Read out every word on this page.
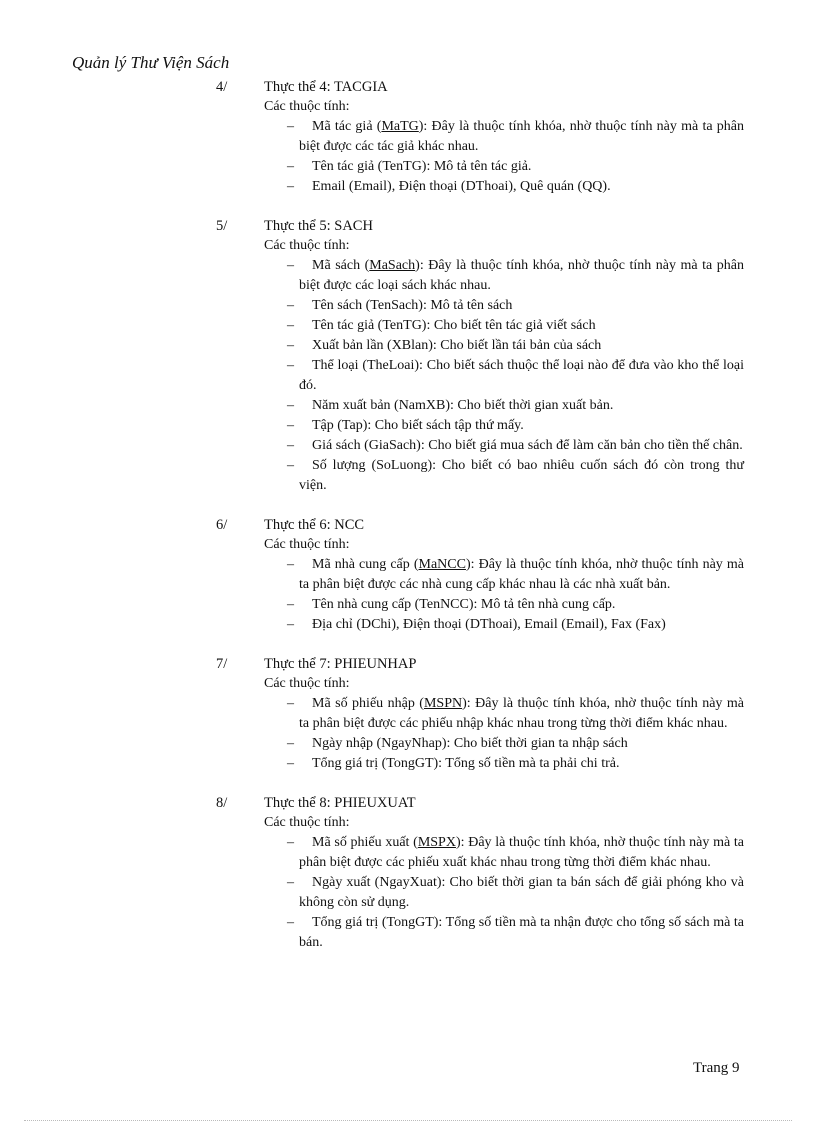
Quản lý Thư Viện Sách
4/	Thực thể 4: TACGIA
Các thuộc tính:
– Mã tác giả (MaTG): Đây là thuộc tính khóa, nhờ thuộc tính này mà ta phân biệt được các tác giả khác nhau.
– Tên tác giả (TenTG): Mô tả tên tác giả.
– Email (Email), Điện thoại (DThoai), Quê quán (QQ).
5/	Thực thể 5: SACH
Các thuộc tính:
– Mã sách (MaSach): Đây là thuộc tính khóa, nhờ thuộc tính này mà ta phân biệt được các loại sách khác nhau.
– Tên sách (TenSach): Mô tả tên sách
– Tên tác giả (TenTG): Cho biết tên tác giả viết sách
– Xuất bản lần (XBlan): Cho biết lần tái bản của sách
– Thể loại (TheLoai): Cho biết sách thuộc thể loại nào để đưa vào kho thể loại đó.
– Năm xuất bản (NamXB): Cho biết thời gian xuất bản.
– Tập (Tap): Cho biết sách tập thứ mấy.
– Giá sách (GiaSach): Cho biết giá mua sách để làm căn bản cho tiền thế chân.
– Số lượng (SoLuong): Cho biết có bao nhiêu cuốn sách đó còn trong thư viện.
6/	Thực thể 6: NCC
Các thuộc tính:
– Mã nhà cung cấp (MaNCC): Đây là thuộc tính khóa, nhờ thuộc tính này mà ta phân biệt được các nhà cung cấp khác nhau là các nhà xuất bản.
– Tên nhà cung cấp (TenNCC): Mô tả tên nhà cung cấp.
– Địa chỉ (DChi), Điện thoại (DThoai), Email (Email), Fax (Fax)
7/	Thực thể 7: PHIEUNHAP
Các thuộc tính:
– Mã số phiếu nhập (MSPN): Đây là thuộc tính khóa, nhờ thuộc tính này mà ta phân biệt được các phiếu nhập khác nhau trong từng thời điểm khác nhau.
– Ngày nhập (NgayNhap): Cho biết thời gian ta nhập sách
– Tổng giá trị (TongGT): Tổng số tiền mà ta phải chi trả.
8/	Thực thể 8: PHIEUXUAT
Các thuộc tính:
– Mã số phiếu xuất (MSPX): Đây là thuộc tính khóa, nhờ thuộc tính này mà ta phân biệt được các phiếu xuất khác nhau trong từng thời điểm khác nhau.
– Ngày xuất (NgayXuat): Cho biết thời gian ta bán sách để giải phóng kho và không còn sử dụng.
– Tổng giá trị (TongGT): Tổng số tiền mà ta nhận được cho tổng số sách mà ta bán.
Trang 9
